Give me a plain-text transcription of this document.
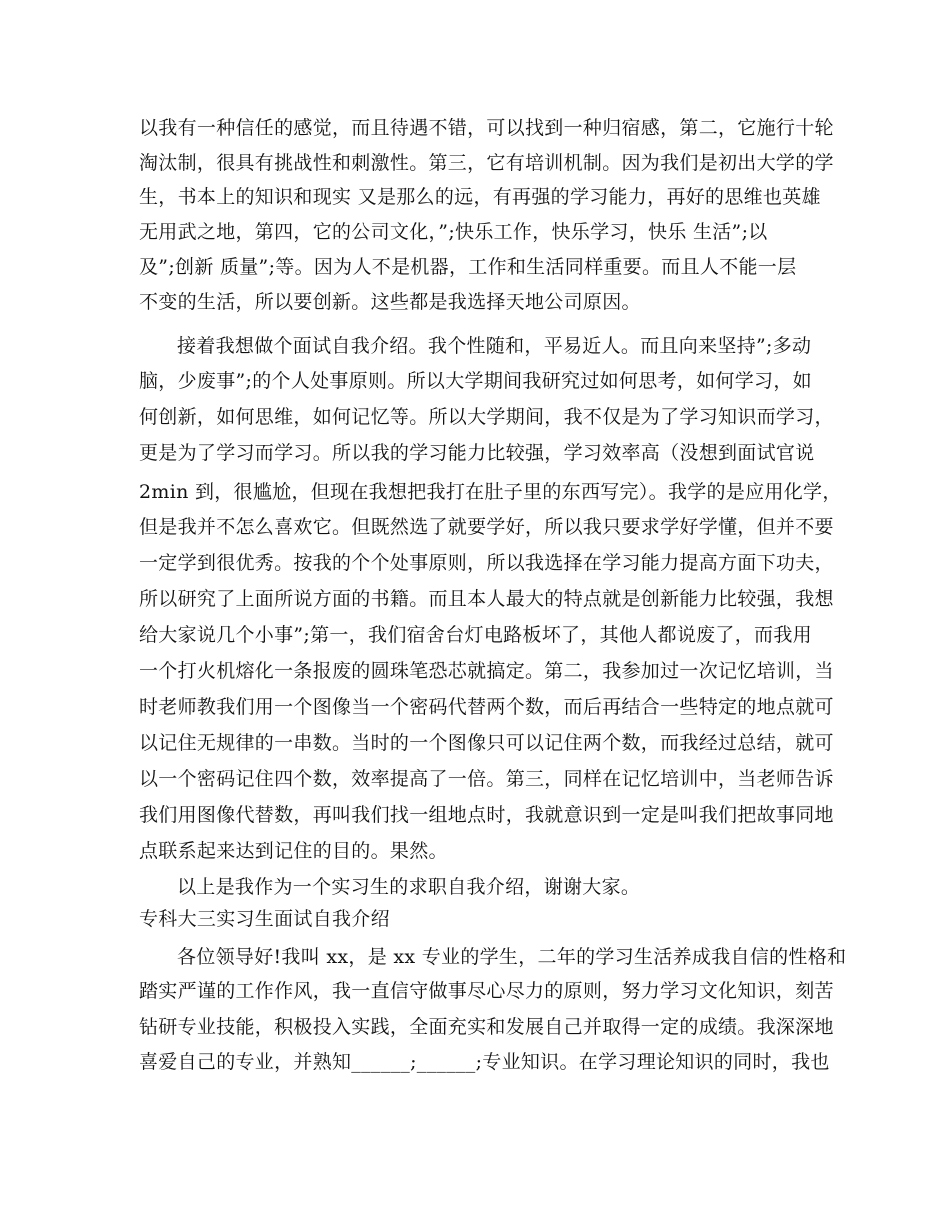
以我有一种信任的感觉，而且待遇不错，可以找到一种归宿感，第二，它施行十轮
淘汰制，很具有挑战性和刺激性。第三，它有培训机制。因为我们是初出大学的学
生，书本上的知识和现实 又是那么的远，有再强的学习能力，再好的思维也英雄
无用武之地，第四，它的公司文化，”;快乐工作，快乐学习，快乐 生活”;以
及”;创新 质量”;等。因为人不是机器，工作和生活同样重要。而且人不能一层
不变的生活，所以要创新。这些都是我选择天地公司原因。
接着我想做个面试自我介绍。我个性随和，平易近人。而且向来坚持”;多动
脑，少废事”;的个人处事原则。所以大学期间我研究过如何思考，如何学习，如
何创新，如何思维，如何记忆等。所以大学期间，我不仅是为了学习知识而学习，
更是为了学习而学习。所以我的学习能力比较强，学习效率高（没想到面试官说
2min 到，很尴尬，但现在我想把我打在肚子里的东西写完）。我学的是应用化学，
但是我并不怎么喜欢它。但既然选了就要学好，所以我只要求学好学懂，但并不要
一定学到很优秀。按我的个个处事原则，所以我选择在学习能力提高方面下功夫，
所以研究了上面所说方面的书籍。而且本人最大的特点就是创新能力比较强，我想
给大家说几个小事”;第一，我们宿舍台灯电路板坏了，其他人都说废了，而我用
一个打火机熔化一条报废的圆珠笔恐芯就搞定。第二，我参加过一次记忆培训，当
时老师教我们用一个图像当一个密码代替两个数，而后再结合一些特定的地点就可
以记住无规律的一串数。当时的一个图像只可以记住两个数，而我经过总结，就可
以一个密码记住四个数，效率提高了一倍。第三，同样在记忆培训中，当老师告诉
我们用图像代替数，再叫我们找一组地点时，我就意识到一定是叫我们把故事同地
点联系起来达到记住的目的。果然。
以上是我作为一个实习生的求职自我介绍，谢谢大家。
专科大三实习生面试自我介绍
各位领导好!我叫 xx，是 xx 专业的学生，二年的学习生活养成我自信的性格和
踏实严谨的工作作风，我一直信守做事尽心尽力的原则，努力学习文化知识，刻苦
钻研专业技能，积极投入实践，全面充实和发展自己并取得一定的成绩。我深深地
喜爱自己的专业，并熟知______;______;专业知识。在学习理论知识的同时，我也
